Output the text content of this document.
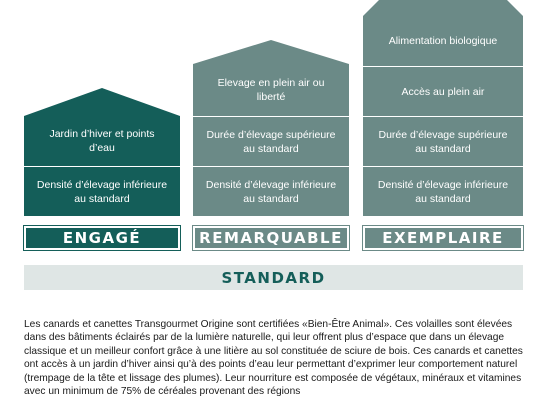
Jardin d’hiver et points d’eau
Densité d’élevage inférieure au standard
ENGAGÉ
Elevage en plein air ou liberté
Durée d’élevage supérieure au standard
Densité d’élevage inférieure au standard
REMARQUABLE
Alimentation biologique
Accès au plein air
Durée d’élevage supérieure au standard
Densité d’élevage inférieure au standard
EXEMPLAIRE
STANDARD

Les canards et canettes Transgourmet Origine sont certifiées «Bien-Être Animal». Ces volailles sont élevées dans des bâtiments éclairés par de la lumière naturelle, qui leur offrent plus d’espace que dans un élevage classique et un meilleur confort grâce à une litière au sol constituée de sciure de bois. Ces canards et canettes ont accès à un jardin d’hiver ainsi qu’à des points d’eau leur permettant d’exprimer leur comportement naturel (trempage de la tête et lissage des plumes). Leur nourriture est composée de végétaux, minéraux et vitamines avec un minimum de 75% de céréales provenant des régions
